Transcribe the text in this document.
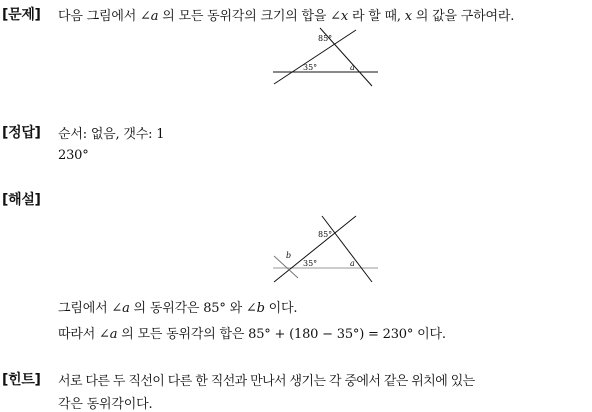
[문제] 다음 그림에서 ∠a 의 모든 동위각의 크기의 합을 ∠x 라 할 때, x 의 값을 구하여라.
85°
35°	a
[정답] 순서: 없음, 갯수: 1
230°
[해설]
85°
b
35°	a
그림에서 ∠a 의 동위각은 85° 와 ∠b 이다.
따라서 ∠a 의 모든 동위각의 합은 85° + (180 − 35°) = 230° 이다.
[힌트] 서로 다른 두 직선이 다른 한 직선과 만나서 생기는 각 중에서 같은 위치에 있는
각은 동위각이다.
